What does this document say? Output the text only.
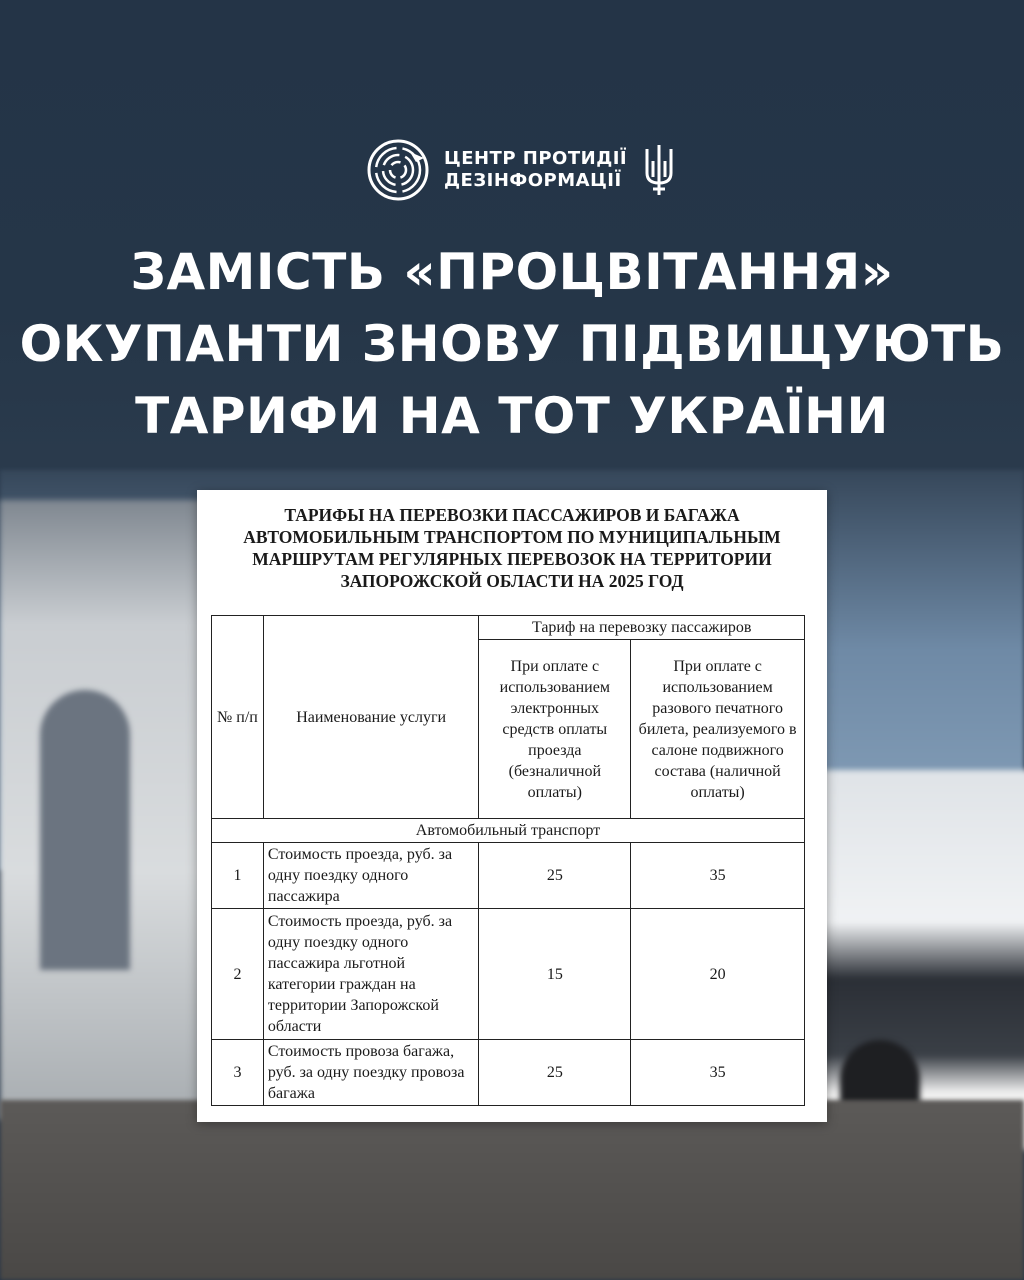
ЦЕНТР ПРОТИДІЇ
ДЕЗІНФОРМАЦІЇ
ЗАМІСТЬ «ПРОЦВІТАННЯ»
ОКУПАНТИ ЗНОВУ ПІДВИЩУЮТЬ
ТАРИФИ НА ТОТ УКРАЇНИ
ТАРИФЫ НА ПЕРЕВОЗКИ ПАССАЖИРОВ И БАГАЖА
АВТОМОБИЛЬНЫМ ТРАНСПОРТОМ ПО МУНИЦИПАЛЬНЫМ
МАРШРУТАМ РЕГУЛЯРНЫХ ПЕРЕВОЗОК НА ТЕРРИТОРИИ
ЗАПОРОЖСКОЙ ОБЛАСТИ НА 2025 ГОД
№ п/п	Наименование услуги	Тариф на перевозку пассажиров	
		При оплате с использованием электронных средств оплаты проезда (безналичной оплаты)	При оплате с использованием разового печатного билета, реализуемого в салоне подвижного состава (наличной оплаты)
Автомобильный транспорт			
1	Стоимость проезда, руб. за одну поездку одного пассажира	25	35
2	Стоимость проезда, руб. за одну поездку одного пассажира льготной категории граждан на территории Запорожской области	15	20
3	Стоимость провоза багажа, руб. за одну поездку провоза багажа	25	35
